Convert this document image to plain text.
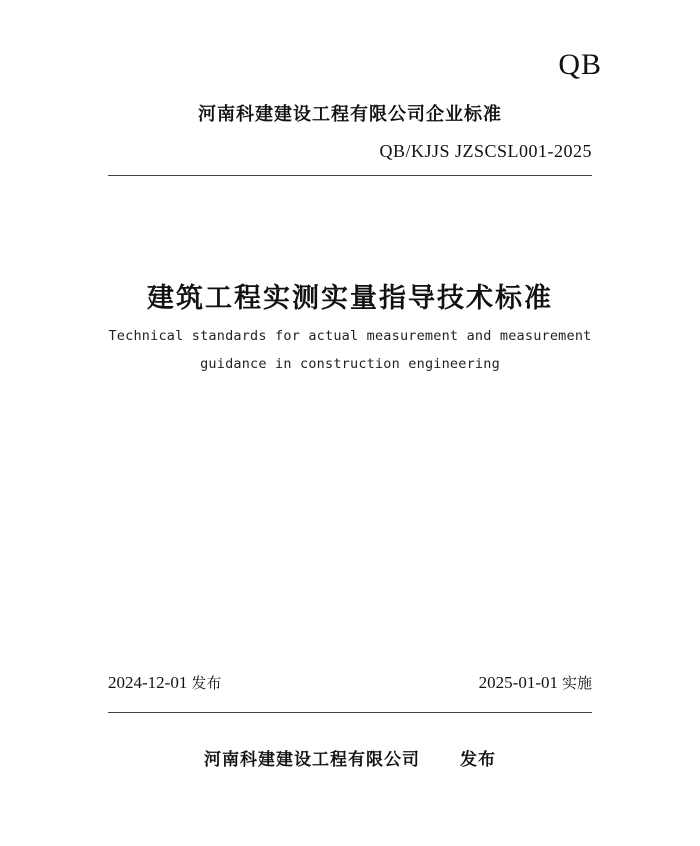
QB
河南科建建设工程有限公司企业标准
QB/KJJS JZSCSL001-2025
建筑工程实测实量指导技术标准
Technical standards for actual measurement and measurement
guidance in construction engineering
2024-12-01 发布	2025-01-01 实施
河南科建建设工程有限公司 发布
